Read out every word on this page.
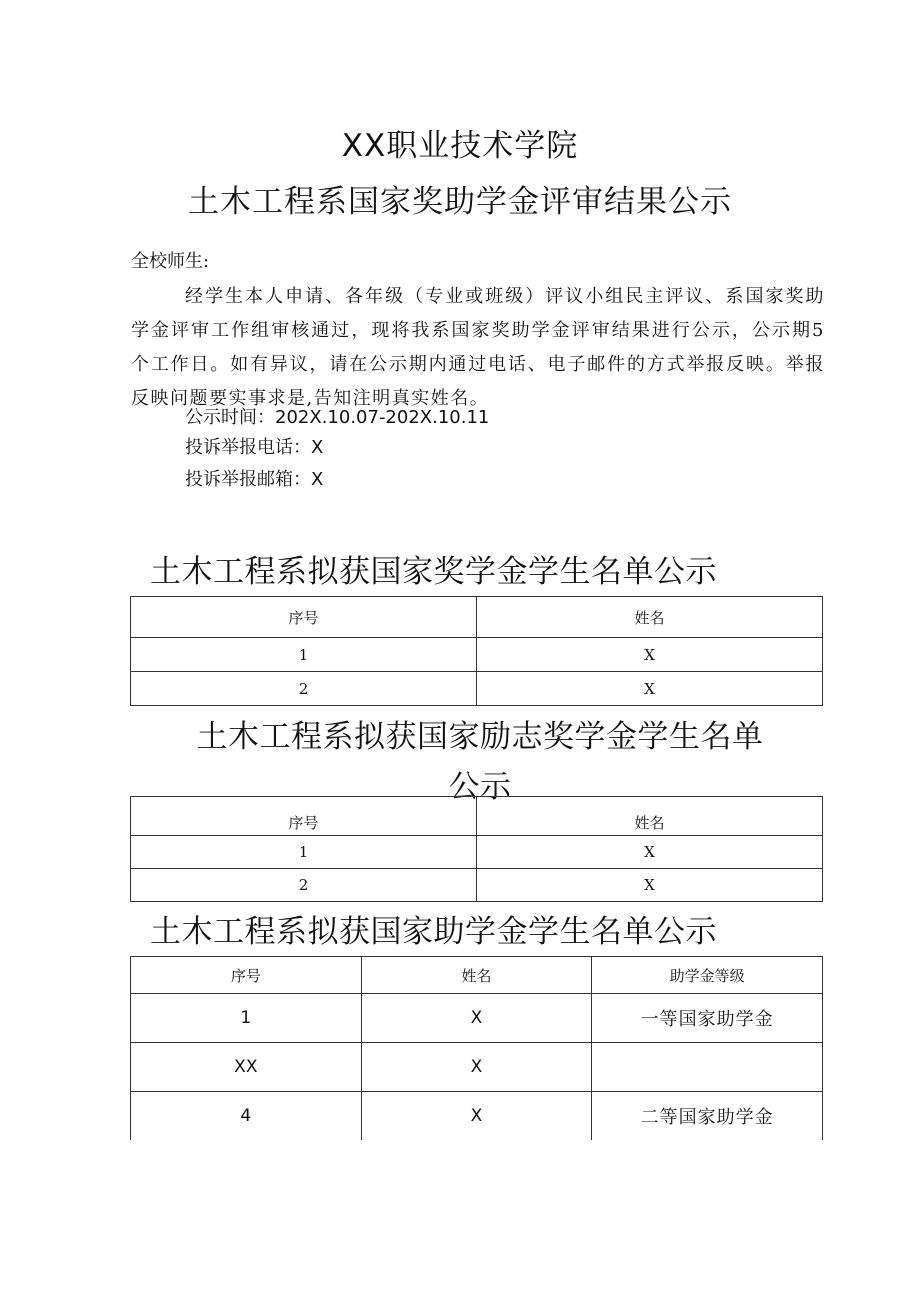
XX职业技术学院
土木工程系国家奖助学金评审结果公示
全校师生:
经学生本人申请、各年级（专业或班级）评议小组民主评议、系国家奖助学金评审工作组审核通过，现将我系国家奖助学金评审结果进行公示，公示期5个工作日。如有异议，请在公示期内通过电话、电子邮件的方式举报反映。举报反映问题要实事求是,告知注明真实姓名。
公示时间：202X.10.07-202X.10.11
投诉举报电话：X
投诉举报邮箱：X
土木工程系拟获国家奖学金学生名单公示
序号	姓名
1	X
2	X
土木工程系拟获国家励志奖学金学生名单
公示
序号	姓名
1	X
2	X
土木工程系拟获国家助学金学生名单公示
序号	姓名	助学金等级
1	X	一等国家助学金
XX	X	
4	X	二等国家助学金
